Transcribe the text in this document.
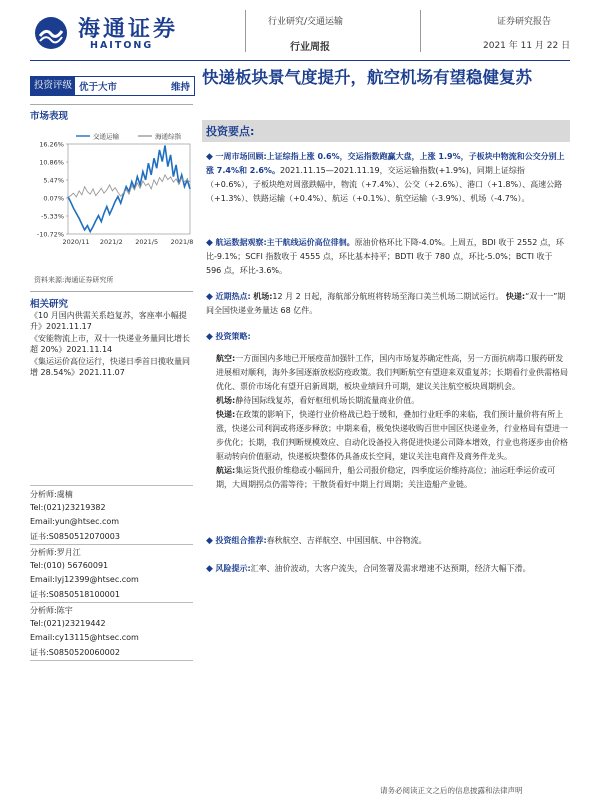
海通证券
HAITONG
行业研究/交通运输
行业周报
证券研究报告
2021 年 11 月 22 日
投资评级 优于大市	维持
市场表现
16.26%
10.86%
5.47%
0.07%
-5.33%
-10.72%
2020/11 2021/2 2021/5 2021/8
交通运输	海通综指
资料来源:海通证券研究所
相关研究
《10 月国内供需关系趋复苏，客座率小幅提升》2021.11.17
《安能物流上市，双十一快递业务量同比增长超 20%》2021.11.14
《集运运价高位运行，快递日季首日揽收量同增 28.54%》2021.11.07
分析师:虞楠
Tel:(021)23219382
Email:yun@htsec.com
证书:S0850512070003
分析师:罗月江
Tel:(010) 56760091
Email:lyj12399@htsec.com
证书:S0850518100001
分析师:陈宇
Tel:(021)23219442
Email:cy13115@htsec.com
证书:S0850520060002
快递板块景气度提升，航空机场有望稳健复苏
投资要点:
◆ 一周市场回顾:上证综指上涨 0.6%，交运指数跑赢大盘，上涨 1.9%，子板块中物流和公交分别上涨 7.4%和 2.6%。2021.11.15—2021.11.19，交运运输指数(+1.9%)，同期上证综指（+0.6%），子板块绝对周涨跌幅中，物流（+7.4%）、公交（+2.6%）、港口（+1.8%）、高速公路（+1.3%）、铁路运输（+0.4%）、航运（+0.1%）、航空运输（-3.9%）、机场（-4.7%）。
◆ 航运数据观察:主干航线运价高位徘徊。原油价格环比下降-4.0%。上周五，BDI 收于 2552 点，环比-9.1%；SCFI 指数收于 4555 点，环比基本持平；BDTI 收于 780 点，环比-5.0%；BCTI 收于 596 点，环比-3.6%。
◆ 近期热点: 机场:12 月 2 日起，海航部分航班将转场至海口美兰机场二期试运行。 快递:“双十一”期间全国快递业务量达 68 亿件。
◆ 投资策略:
航空:一方面国内多地已开展疫苗加强针工作，国内市场复苏确定性高，另一方面抗病毒口服药研发进展相对顺利，海外多国逐渐放松防疫政策。我们判断航空有望迎来双重复苏；长期看行业供需格局优化、票价市场化有望开启新周期，板块业绩回升可期，建议关注航空板块周期机会。
机场:静待国际线复苏，看好枢纽机场长期流量商业价值。
快递:在政策的影响下，快递行业价格战已趋于缓和，叠加行业旺季的来临，我们预计量价将有所上涨，快递公司利润或将逐步释放；中期来看，极兔快递收购百世中国区快递业务，行业格局有望进一步优化；长期，我们判断规模效应、自动化设备投入将促进快递公司降本增效，行业也将逐步由价格驱动转向价值驱动，快递板块整体仍具备成长空间，建议关注电商件及商务件龙头。
航运:集运货代报价维稳或小幅回升，船公司报价稳定，四季度运价维持高位；油运旺季运价或可期，大周期拐点仍需等待；干散货看好中期上行周期；关注造船产业链。
◆ 投资组合推荐:春秋航空、吉祥航空、中国国航、中谷物流。
◆ 风险提示:汇率、油价波动，大客户流失，合同签署及需求增速不达预期，经济大幅下滑。
请务必阅读正文之后的信息披露和法律声明
